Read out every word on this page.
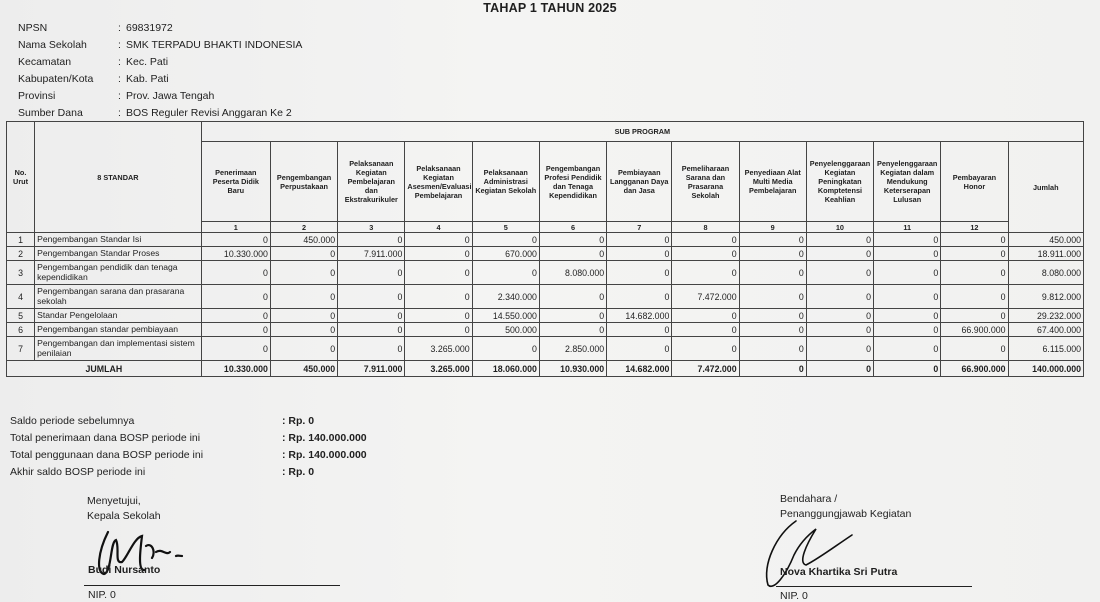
TAHAP 1 TAHUN 2025
NPSN	: 69831972
Nama Sekolah	: SMK TERPADU BHAKTI INDONESIA
Kecamatan	: Kec. Pati
Kabupaten/Kota	: Kab. Pati
Provinsi	: Prov. Jawa Tengah
Sumber Dana	: BOS Reguler Revisi Anggaran Ke 2
No. Urut	8 STANDAR	SUB PROGRAM												
		Penerimaan Peserta Didik Baru	Pengembangan Perpustakaan	Pelaksanaan Kegiatan Pembelajaran dan Ekstrakurikuler	Pelaksanaan Kegiatan Asesmen/Evaluasi Pembelajaran	Pelaksanaan Administrasi Kegiatan Sekolah	Pengembangan Profesi Pendidik dan Tenaga Kependidikan	Pembiayaan Langganan Daya dan Jasa	Pemeliharaan Sarana dan Prasarana Sekolah	Penyediaan Alat Multi Media Pembelajaran	Penyelenggaraan Kegiatan Peningkatan Komptetensi Keahlian	Penyelenggaraan Kegiatan dalam Mendukung Keterserapan Lulusan	Pembayaran Honor	Jumlah
		1	2	3	4	5	6	7	8	9	10	11	12	
1	Pengembangan Standar Isi	0	450.000	0	0	0	0	0	0	0	0	0	0	450.000
2	Pengembangan Standar Proses	10.330.000	0	7.911.000	0	670.000	0	0	0	0	0	0	0	18.911.000
3	Pengembangan pendidik dan tenaga kependidikan	0	0	0	0	0	8.080.000	0	0	0	0	0	0	8.080.000
4	Pengembangan sarana dan prasarana sekolah	0	0	0	0	2.340.000	0	0	7.472.000	0	0	0	0	9.812.000
5	Standar Pengelolaan	0	0	0	0	14.550.000	0	14.682.000	0	0	0	0	0	29.232.000
6	Pengembangan standar pembiayaan	0	0	0	0	500.000	0	0	0	0	0	0	66.900.000	67.400.000
7	Pengembangan dan implementasi sistem penilaian	0	0	0	3.265.000	0	2.850.000	0	0	0	0	0	0	6.115.000
JUMLAH		10.330.000	450.000	7.911.000	3.265.000	18.060.000	10.930.000	14.682.000	7.472.000	0	0	0	66.900.000	140.000.000
Saldo periode sebelumnya	: Rp. 0
Total penerimaan dana BOSP periode ini	: Rp. 140.000.000
Total penggunaan dana BOSP periode ini	: Rp. 140.000.000
Akhir saldo BOSP periode ini	: Rp. 0
Menyetujui,
Kepala Sekolah
Budi Nursanto
NIP. 0
Bendahara /
Penanggungjawab Kegiatan
Nova Khartika Sri Putra
NIP. 0
